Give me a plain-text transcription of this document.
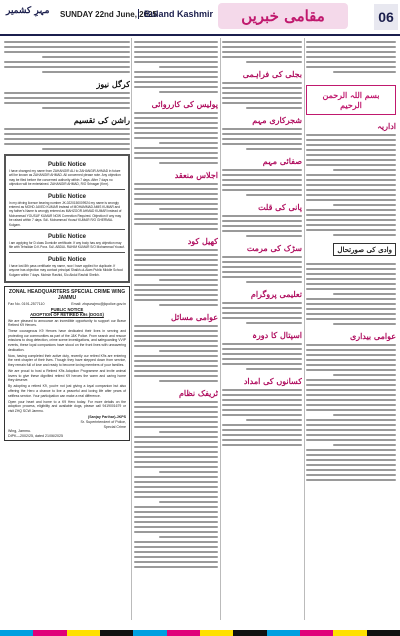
مہرِ کشمیر SUNDAY 22nd June, 2025
Buland Kashmir	مقامی خبریں	06
کرگل نیوز
راشن کی تقسیم
Public Notice
I have changed my name from ZAHANGIR ALI to ZAHANGIR AHMAD in future will be known as ZAHANGIR AHMAD. All concerned please note. Any objection may be filed before the concerned authority within 7 days. After 7 days no objection will be entertained. ZAHANGIR AHMAD, R/O Srinagar (Kmr).
Public Notice
In my driving licence bearing number JK-0220150009924 my name is wrongly entered as MOHD JAVED KUMAR instead of MOHAMMAD AMIS KUMAR and my father's Name is wrongly entered as MAHZOOR AHMAD KUMAR instead of Mohammad YOUSUF KUMAR NOW Correction Required. Objection if any may be raised within 7 days. Sd/- Mohammad Yousuf KUMAR R/O GHERMAL Kulgam.
Public Notice
I am applying for D class Domicile certificate. If any body has any objection may file with Tehsildar D.K.Pora. Sd/- ABDUL RAHIM KUMAR S/O Mohammad Yousuf.
Public Notice
I have lost 8th pass certificate my name, now I have applied for duplicate. If anyone has objection may contact principal Shaikh-ul-Alam Public Middle School Kulgam within 7 days. Mohsin Rashid, S/o Abdul Rashid Sheikh.
ZONAL HEADQUARTERS SPECIAL CRIME WING JAMMU
Fax No. 0191-2577110	Email: zhqscwjmu@jkpolice.gov.in
PUBLIC NOTICE
ADOPTION OF RETIRED K9s (DOGS)
We are pleased to announce an incredible opportunity to support our Brave Retired K9 Heroes.
These courageous K9 Heroes have dedicated their lives in serving and protecting our communities as part of the J&K Police. From search and rescue missions to drug detection, crime scene investigations, and safeguarding VVIP events, these loyal companions have stood on the front lines with unwavering dedication.
Now, having completed their active duty, recently our retired K9s are entering the next chapter of their lives. Though they have stepped down from service, they remain full of love and ready to become loving members of your families.
We are proud to host a Retired K9s Adoption Programme and invite animal lovers to give these dignified retired K9 heroes the warm and caring home they deserve.
By adopting a retired K9, you're not just giving a loyal companion but also offering the Hero a chance to live a peaceful and loving life after years of selfless service. Your participation can make a real difference.
Open your heart and home to a K9 Hero today. For more details on the adoption process, eligibility and available dogs, please call 9419001679 or visit ZHQ SCW Jammu.
(Sanjay Parihar)-JKPS
Sr. Superintendent of Police,
Special Crime
Wing, Jammu.
DIPK—2002/25, dated 21/06/2025
پولیس کی کارروائی
اجلاس منعقد
کھیل کود
عوامی مسائل
ٹریفک نظام
بجلی کی فراہمی
شجرکاری مہم
صفائی مہم
پانی کی قلت
سڑک کی مرمت
تعلیمی پروگرام
اسپتال کا دورہ
کسانوں کی امداد
بسم اللہ الرحمن الرحیم
اداریہ
وادی کی صورتحال
عوامی بیداری
